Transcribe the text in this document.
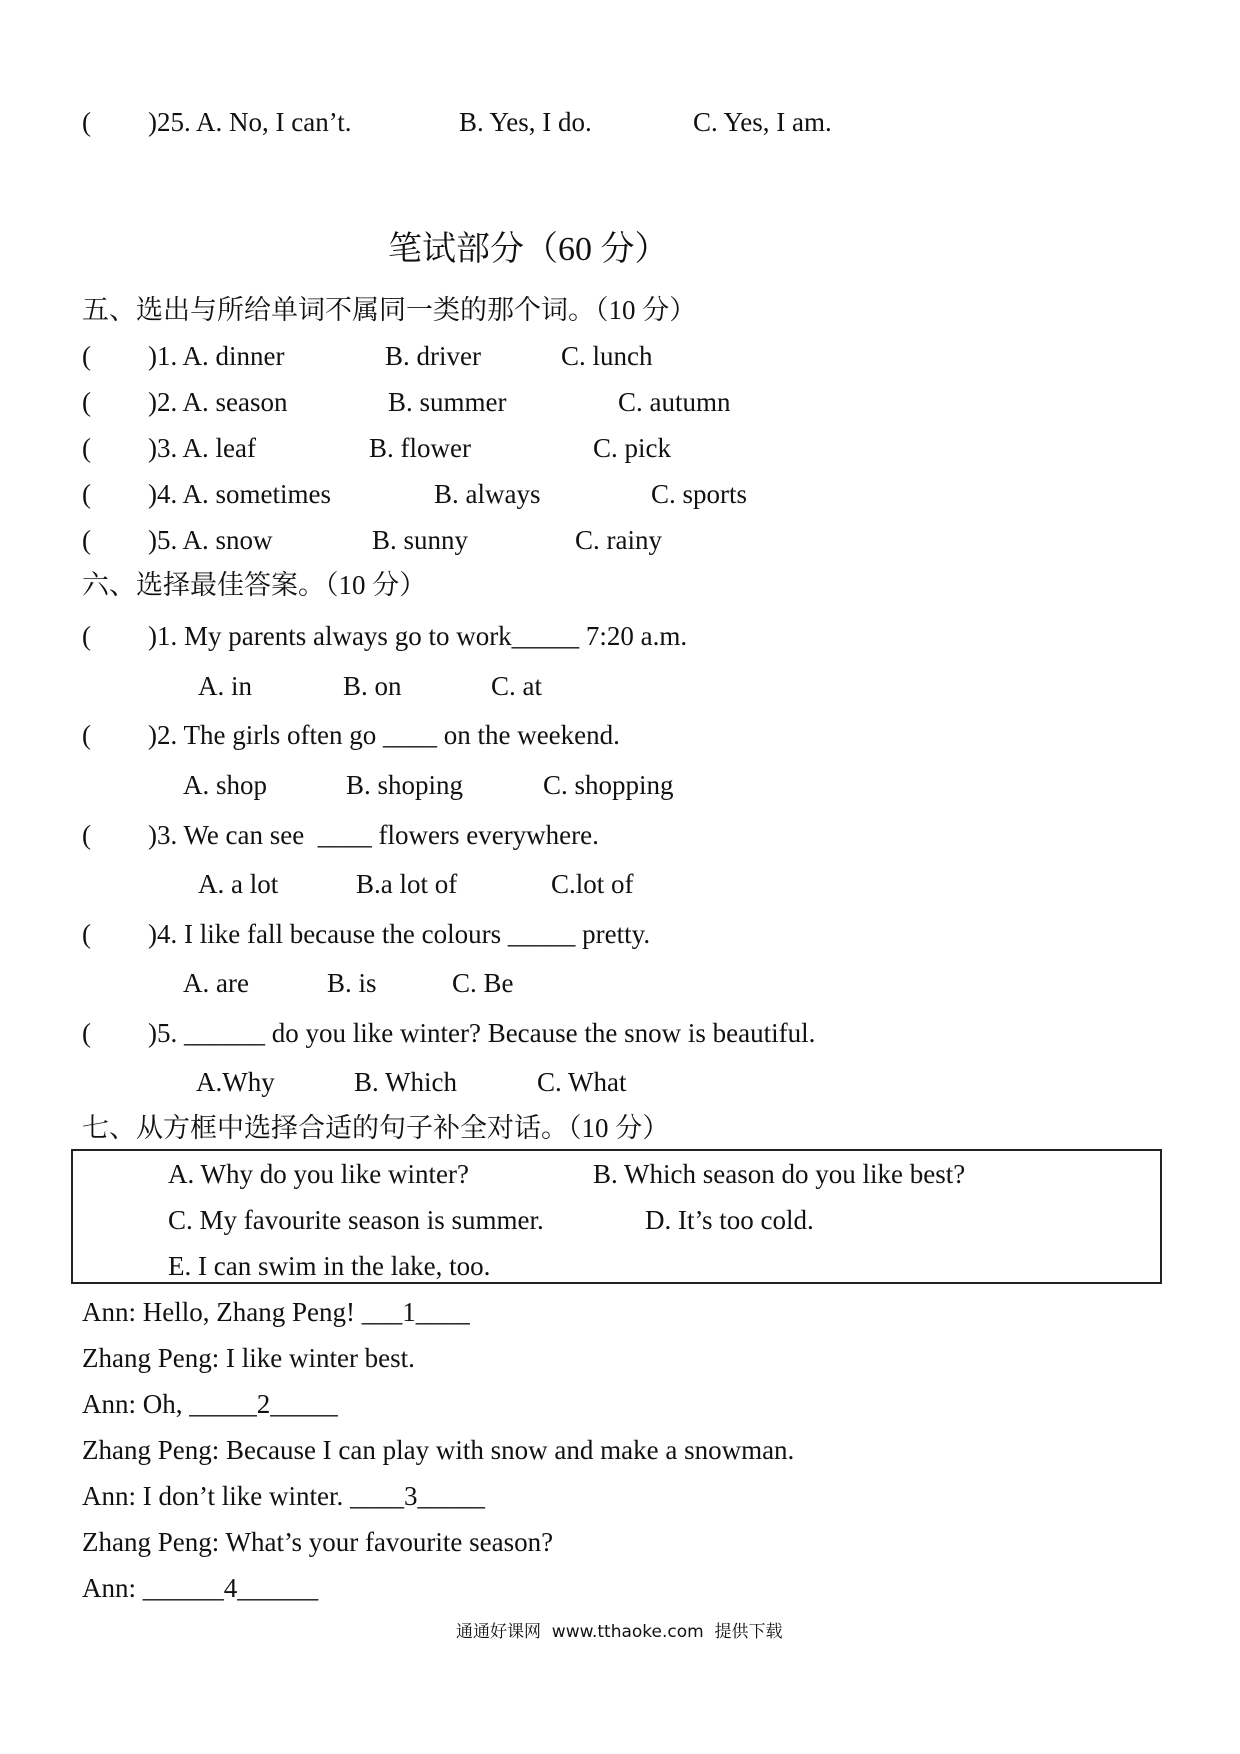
( )25. A. No, I can’t.	B. Yes, I do.	C. Yes, I am.
笔试部分（60 分）
五、选出与所给单词不属同一类的那个词。（10 分）
( )1. A. dinner	B. driver	C. lunch
( )2. A. season	B. summer	C. autumn
( )3. A. leaf	B. flower	C. pick
( )4. A. sometimes	B. always	C. sports
( )5. A. snow	B. sunny	C. rainy
六、选择最佳答案。（10 分）
( )1. My parents always go to work_____ 7:20 a.m.
A. in	B. on	C. at
( )2. The girls often go ____ on the weekend.
A. shop	B. shoping	C. shopping
( )3. We can see  ____ flowers everywhere.
A. a lot	B.a lot of	C.lot of
( )4. I like fall because the colours _____ pretty.
A. are	B. is	C. Be
( )5. ______ do you like winter? Because the snow is beautiful.
A.Why	B. Which	C. What
七、从方框中选择合适的句子补全对话。（10 分）
A. Why do you like winter?	B. Which season do you like best?
C. My favourite season is summer.	D. It’s too cold.
E. I can swim in the lake, too.
Ann: Hello, Zhang Peng! ___1____
Zhang Peng: I like winter best.
Ann: Oh, _____2_____
Zhang Peng: Because I can play with snow and make a snowman.
Ann: I don’t like winter. ____3_____
Zhang Peng: What’s your favourite season?
Ann: ______4______
通通好课网  www.tthaoke.com  提供下载
